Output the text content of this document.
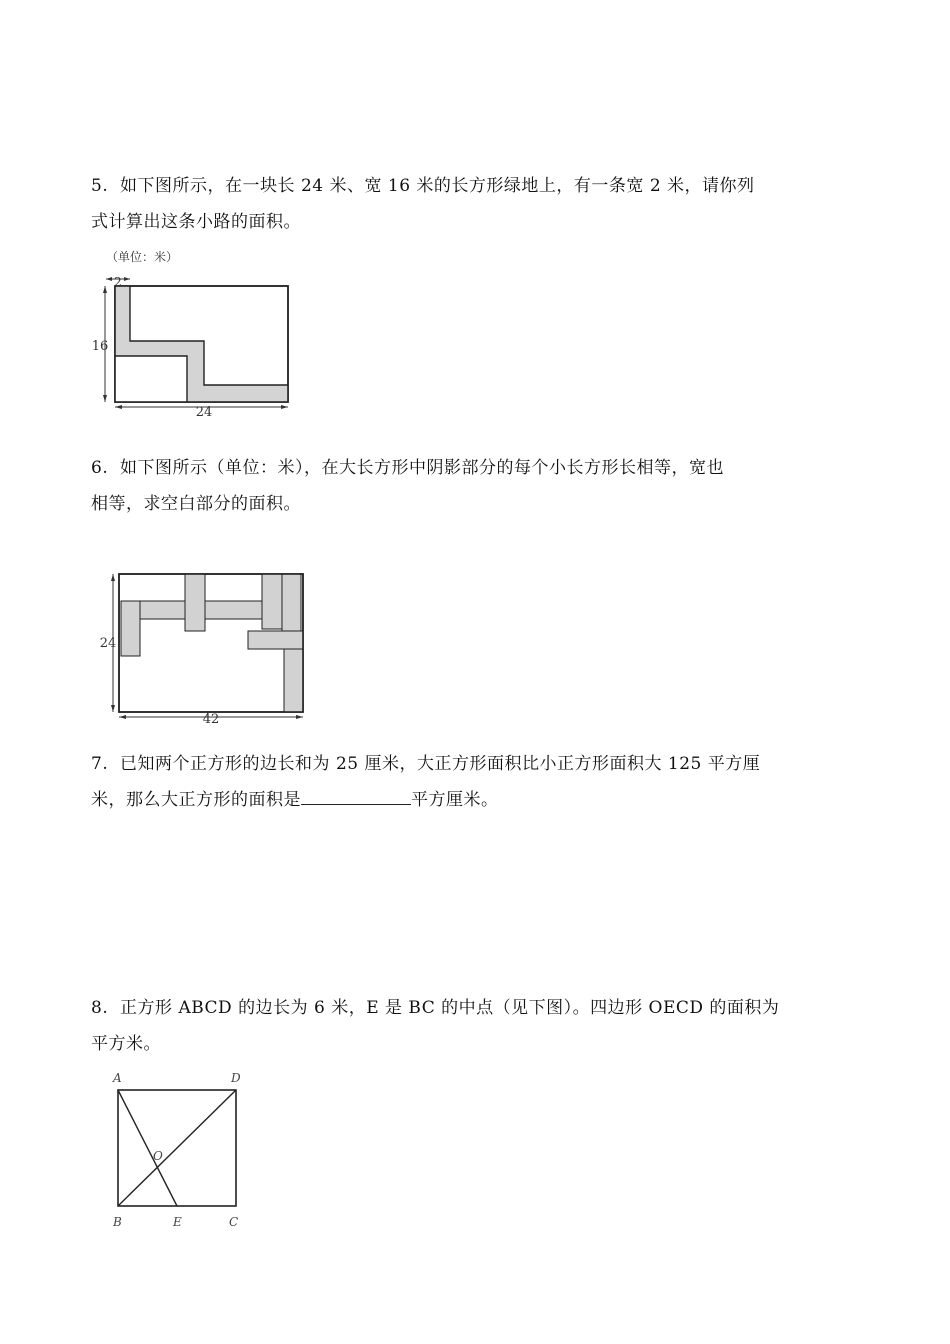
5. 如下图所示，在一块长 24 米、宽 16 米的长方形绿地上，有一条宽 2 米，请你列
式计算出这条小路的面积。
（单位：米）
2
16
24
6. 如下图所示（单位：米），在大长方形中阴影部分的每个小长方形长相等，宽也
相等，求空白部分的面积。
24
42
7. 已知两个正方形的边长和为 25 厘米，大正方形面积比小正方形面积大 125 平方厘
米，那么大正方形的面积是	平方厘米。
8. 正方形 ABCD 的边长为 6 米，E 是 BC 的中点（见下图）。四边形 OECD 的面积为
平方米。
A	D
O
B	E	C
